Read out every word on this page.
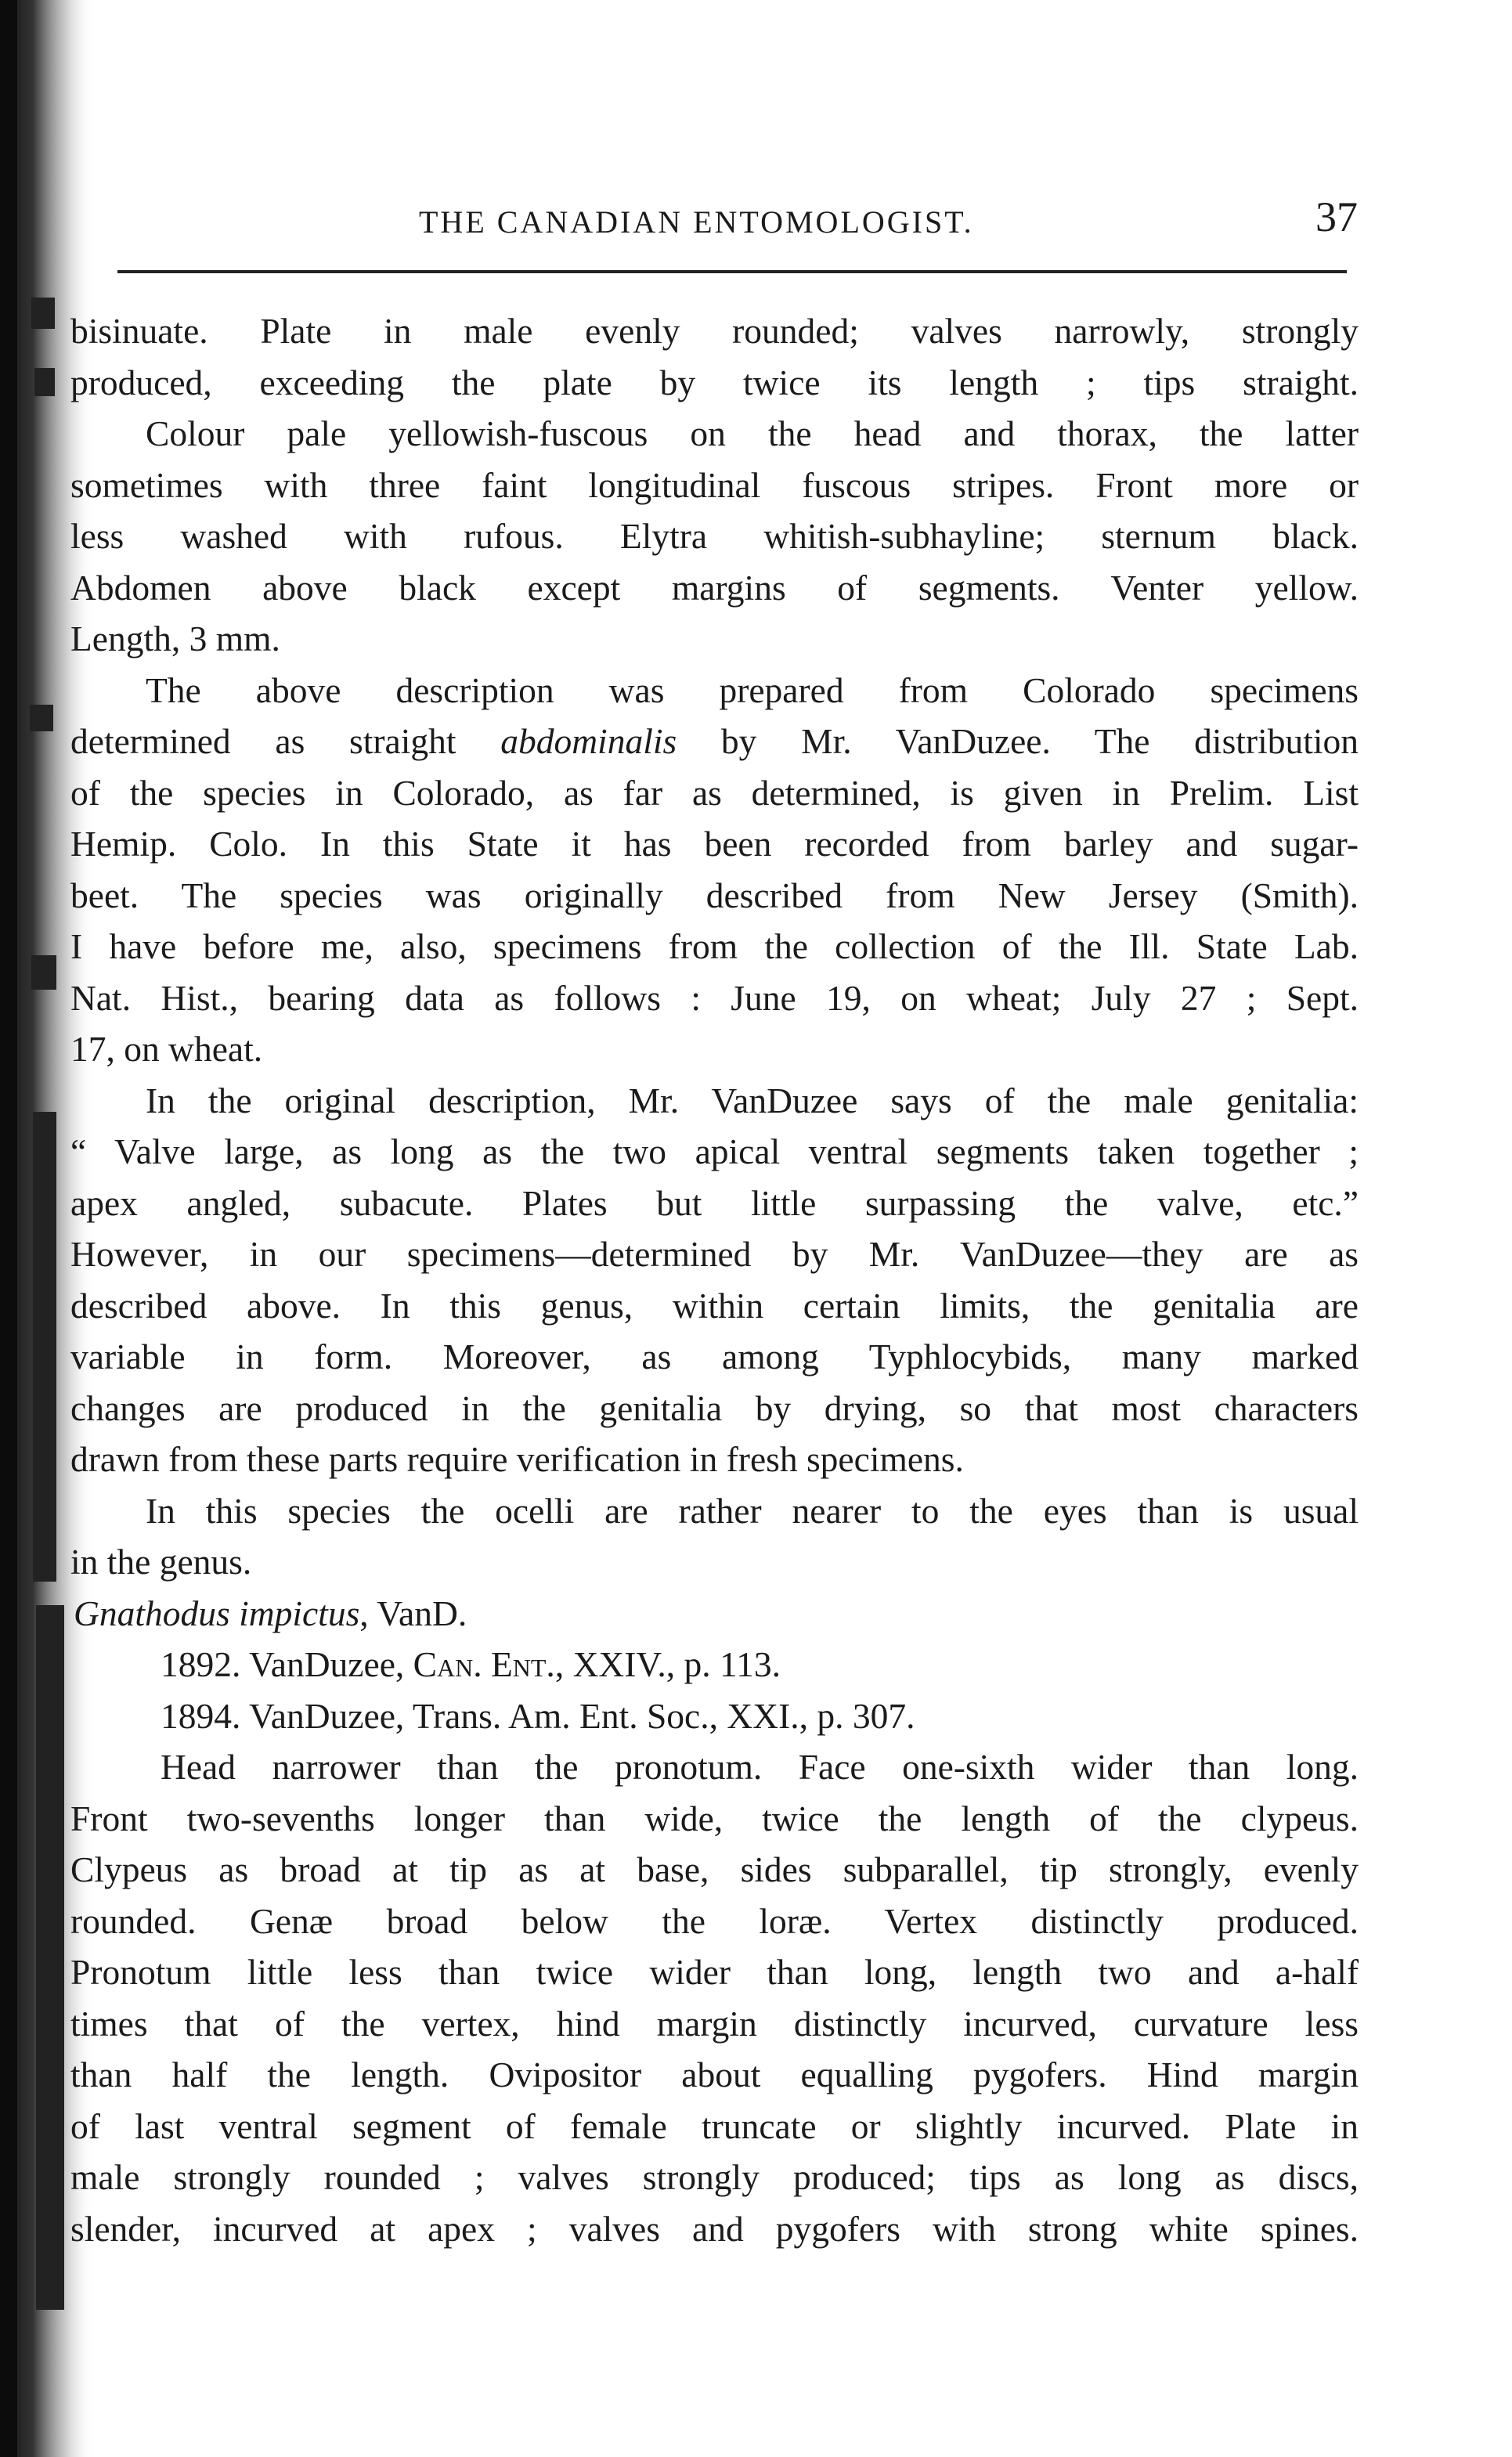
THE CANADIAN ENTOMOLOGIST.	37
bisinuate. Plate in male evenly rounded; valves narrowly, strongly
produced, exceeding the plate by twice its length ; tips straight.
Colour pale yellowish-fuscous on the head and thorax, the latter
sometimes with three faint longitudinal fuscous stripes. Front more or
less washed with rufous. Elytra whitish-subhayline; sternum black.
Abdomen above black except margins of segments. Venter yellow.
Length, 3 mm.
The above description was prepared from Colorado specimens
determined as straight abdominalis by Mr. VanDuzee. The distribution
of the species in Colorado, as far as determined, is given in Prelim. List
Hemip. Colo. In this State it has been recorded from barley and sugar-
beet. The species was originally described from New Jersey (Smith).
I have before me, also, specimens from the collection of the Ill. State Lab.
Nat. Hist., bearing data as follows : June 19, on wheat; July 27 ; Sept.
17, on wheat.
In the original description, Mr. VanDuzee says of the male genitalia:
“ Valve large, as long as the two apical ventral segments taken together ;
apex angled, subacute. Plates but little surpassing the valve, etc.”
However, in our specimens—determined by Mr. VanDuzee—they are as
described above. In this genus, within certain limits, the genitalia are
variable in form. Moreover, as among Typhlocybids, many marked
changes are produced in the genitalia by drying, so that most characters
drawn from these parts require verification in fresh specimens.
In this species the ocelli are rather nearer to the eyes than is usual
in the genus.
Gnathodus impictus, VanD.
1892. VanDuzee, Can. Ent., XXIV., p. 113.
1894. VanDuzee, Trans. Am. Ent. Soc., XXI., p. 307.
Head narrower than the pronotum. Face one-sixth wider than long.
Front two-sevenths longer than wide, twice the length of the clypeus.
Clypeus as broad at tip as at base, sides subparallel, tip strongly, evenly
rounded. Genæ broad below the loræ. Vertex distinctly produced.
Pronotum little less than twice wider than long, length two and a-half
times that of the vertex, hind margin distinctly incurved, curvature less
than half the length. Ovipositor about equalling pygofers. Hind margin
of last ventral segment of female truncate or slightly incurved. Plate in
male strongly rounded ; valves strongly produced; tips as long as discs,
slender, incurved at apex ; valves and pygofers with strong white spines.
